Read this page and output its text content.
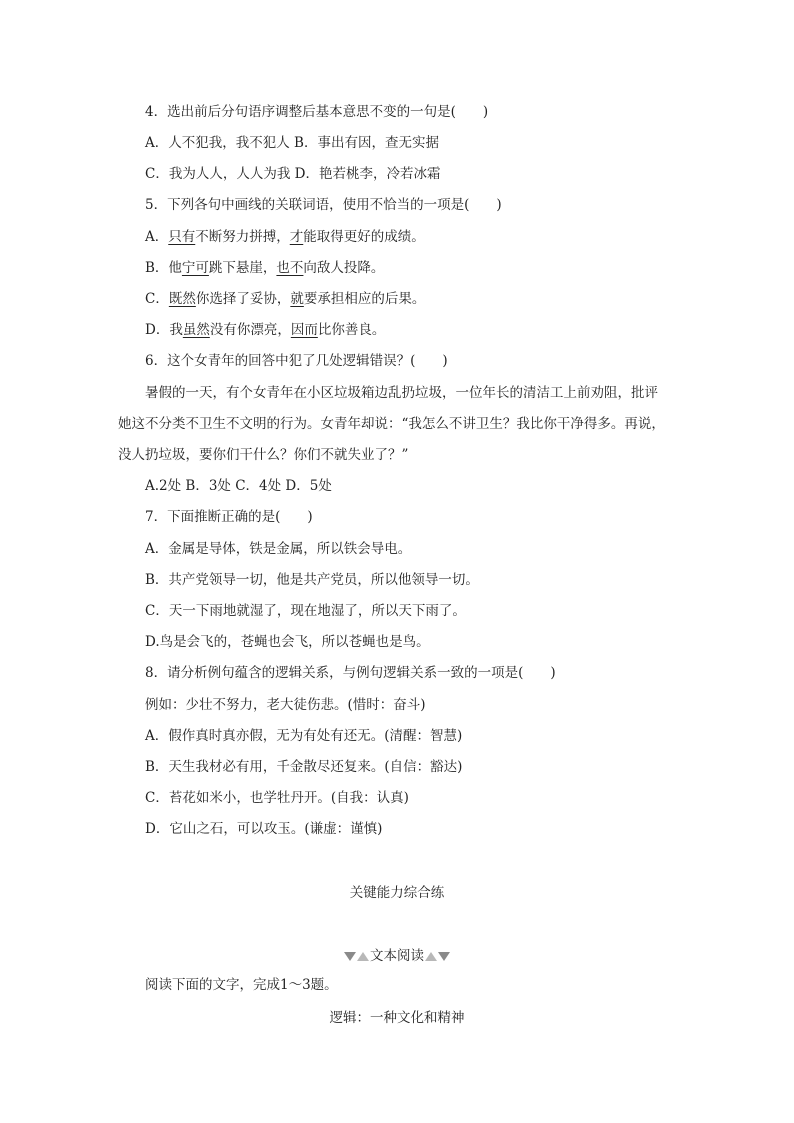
4．选出前后分句语序调整后基本意思不变的一句是(　　)
A．人不犯我，我不犯人 B．事出有因，查无实据
C．我为人人，人人为我 D．艳若桃李，冷若冰霜
5．下列各句中画线的关联词语，使用不恰当的一项是(　　)
A．只有不断努力拼搏，才能取得更好的成绩。
B．他宁可跳下悬崖，也不向敌人投降。
C．既然你选择了妥协，就要承担相应的后果。
D．我虽然没有你漂亮，因而比你善良。
6．这个女青年的回答中犯了几处逻辑错误？(　　)
暑假的一天，有个女青年在小区垃圾箱边乱扔垃圾，一位年长的清洁工上前劝阻，批评
她这不分类不卫生不文明的行为。女青年却说：“我怎么不讲卫生？我比你干净得多。再说，
没人扔垃圾，要你们干什么？你们不就失业了？”
A.2处 B．3处 C．4处 D．5处
7．下面推断正确的是(　　)
A．金属是导体，铁是金属，所以铁会导电。
B．共产党领导一切，他是共产党员，所以他领导一切。
C．天一下雨地就湿了，现在地湿了，所以天下雨了。
D.鸟是会飞的，苍蝇也会飞，所以苍蝇也是鸟。
8．请分析例句蕴含的逻辑关系，与例句逻辑关系一致的一项是(　　)
例如：少壮不努力，老大徒伤悲。(惜时：奋斗)
A．假作真时真亦假，无为有处有还无。(清醒：智慧)
B．天生我材必有用，千金散尽还复来。(自信：豁达)
C．苔花如米小，也学牡丹开。(自我：认真)
D．它山之石，可以攻玉。(谦虚：谨慎)
关键能力综合练
文本阅读
阅读下面的文字，完成1～3题。
逻辑：一种文化和精神
